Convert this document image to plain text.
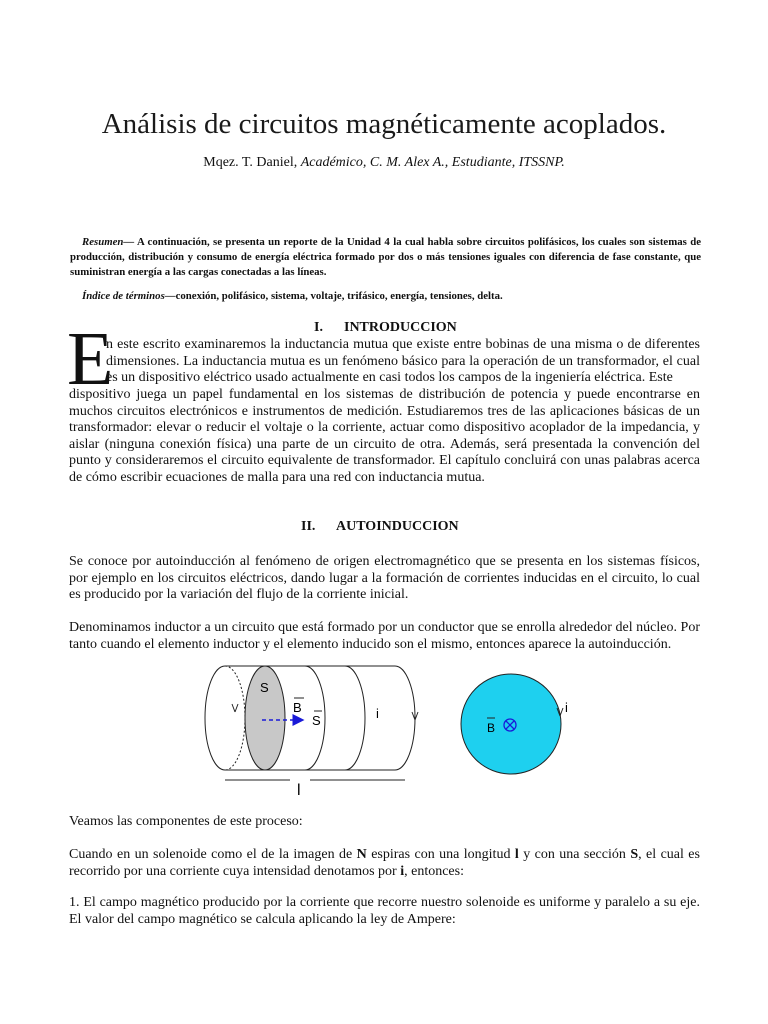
Análisis de circuitos magnéticamente acoplados.
Mqez. T. Daniel, Académico, C. M. Alex A., Estudiante, ITSSNP.
Resumen— A continuación, se presenta un reporte de la Unidad 4 la cual habla sobre circuitos polifásicos, los cuales son sistemas de producción, distribución y consumo de energía eléctrica formado por dos o más tensiones iguales con diferencia de fase constante, que suministran energía a las cargas conectadas a las líneas.
Índice de términos—conexión, polifásico, sistema, voltaje, trifásico, energía, tensiones, delta.
I. INTRODUCCION
E
n este escrito examinaremos la inductancia mutua que existe entre bobinas de una misma o de diferentes dimensiones. La inductancia mutua es un fenómeno básico para la operación de un transformador, el cual es un dispositivo eléctrico usado actualmente en casi todos los campos de la ingeniería eléctrica. Este
dispositivo juega un papel fundamental en los sistemas de distribución de potencia y puede encontrarse en muchos circuitos electrónicos e instrumentos de medición. Estudiaremos tres de las aplicaciones básicas de un transformador: elevar o reducir el voltaje o la corriente, actuar como dispositivo acoplador de la impedancia, y aislar (ninguna conexión física) una parte de un circuito de otra. Además, será presentada la convención del punto y consideraremos el circuito equivalente de transformador. El capítulo concluirá con unas palabras acerca de cómo escribir ecuaciones de malla para una red con inductancia mutua.
II. AUTOINDUCCION
Se conoce por autoinducción al fenómeno de origen electromagnético que se presenta en los sistemas físicos, por ejemplo en los circuitos eléctricos, dando lugar a la formación de corrientes inducidas en el circuito, lo cual es producido por la variación del flujo de la corriente inicial.
Denominamos inductor a un circuito que está formado por un conductor que se enrolla alrededor del núcleo. Por tanto cuando el elemento inductor y el elemento inducido son el mismo, entonces aparece la autoinducción.
S
B
S	i
l
B
i
Veamos las componentes de este proceso:
Cuando en un solenoide como el de la imagen de N espiras con una longitud l y con una sección S, el cual es recorrido por una corriente cuya intensidad denotamos por i, entonces:
1. El campo magnético producido por la corriente que recorre nuestro solenoide es uniforme y paralelo a su eje. El valor del campo magnético se calcula aplicando la ley de Ampere:
